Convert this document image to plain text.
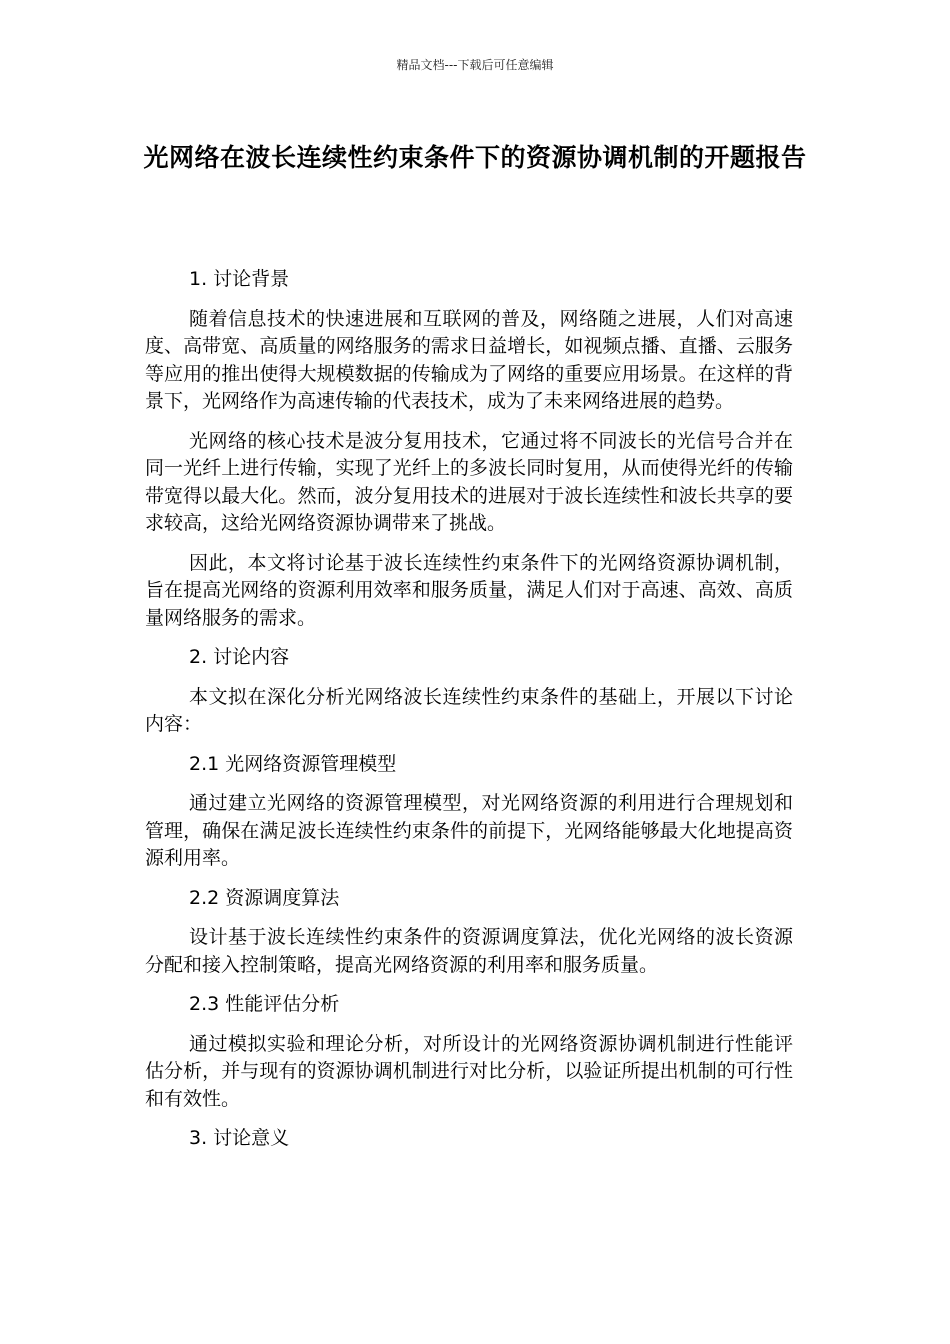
精品文档---下载后可任意编辑
光网络在波长连续性约束条件下的资源协调机制的开题报告
1. 讨论背景
随着信息技术的快速进展和互联网的普及，网络随之进展，人们对高速度、高带宽、高质量的网络服务的需求日益增长，如视频点播、直播、云服务等应用的推出使得大规模数据的传输成为了网络的重要应用场景。在这样的背景下，光网络作为高速传输的代表技术，成为了未来网络进展的趋势。
光网络的核心技术是波分复用技术，它通过将不同波长的光信号合并在同一光纤上进行传输，实现了光纤上的多波长同时复用，从而使得光纤的传输带宽得以最大化。然而，波分复用技术的进展对于波长连续性和波长共享的要求较高，这给光网络资源协调带来了挑战。
因此，本文将讨论基于波长连续性约束条件下的光网络资源协调机制，旨在提高光网络的资源利用效率和服务质量，满足人们对于高速、高效、高质量网络服务的需求。
2. 讨论内容
本文拟在深化分析光网络波长连续性约束条件的基础上，开展以下讨论内容：
2.1 光网络资源管理模型
通过建立光网络的资源管理模型，对光网络资源的利用进行合理规划和管理，确保在满足波长连续性约束条件的前提下，光网络能够最大化地提高资源利用率。
2.2 资源调度算法
设计基于波长连续性约束条件的资源调度算法，优化光网络的波长资源分配和接入控制策略，提高光网络资源的利用率和服务质量。
2.3 性能评估分析
通过模拟实验和理论分析，对所设计的光网络资源协调机制进行性能评估分析，并与现有的资源协调机制进行对比分析，以验证所提出机制的可行性和有效性。
3. 讨论意义
